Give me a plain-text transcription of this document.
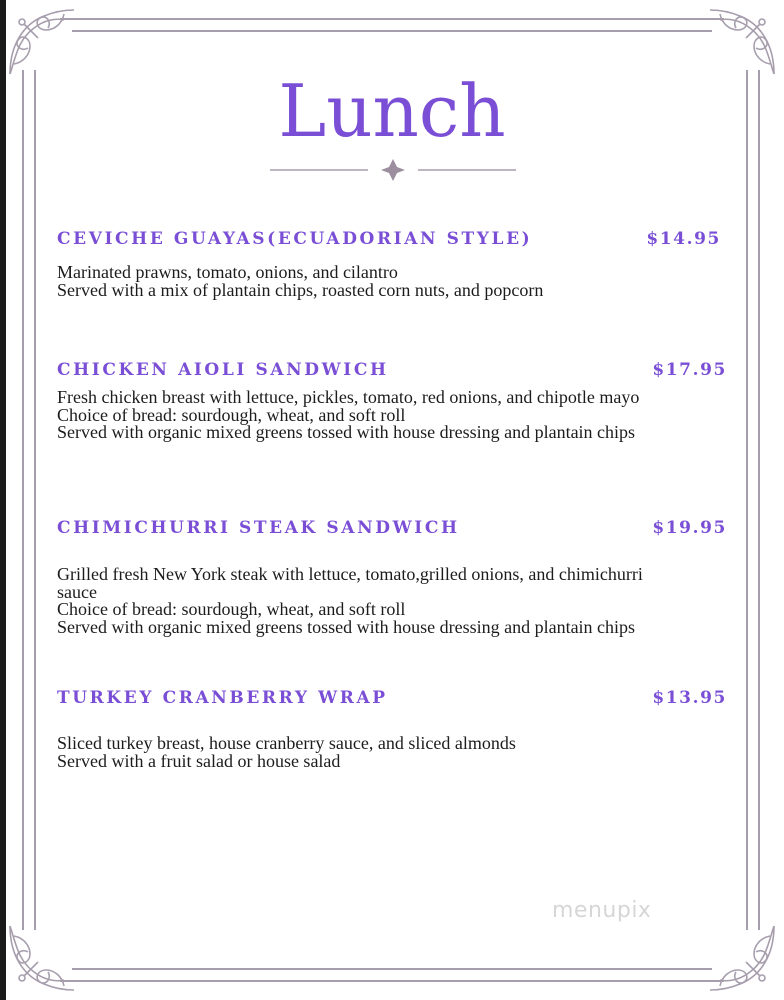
Lunch
CEVICHE GUAYAS(ECUADORIAN STYLE)	$14.95
Marinated prawns, tomato, onions, and cilantro
Served with a mix of plantain chips, roasted corn nuts, and popcorn
CHICKEN AIOLI SANDWICH	$17.95
Fresh chicken breast with lettuce, pickles, tomato, red onions, and chipotle mayo
Choice of bread: sourdough, wheat, and soft roll
Served with organic mixed greens tossed with house dressing and plantain chips
CHIMICHURRI STEAK SANDWICH	$19.95
Grilled fresh New York steak with lettuce, tomato,grilled onions, and chimichurri sauce
Choice of bread: sourdough, wheat, and soft roll
Served with organic mixed greens tossed with house dressing and plantain chips
TURKEY CRANBERRY WRAP	$13.95
Sliced turkey breast, house cranberry sauce, and sliced almonds
Served with a fruit salad or house salad
menupix
